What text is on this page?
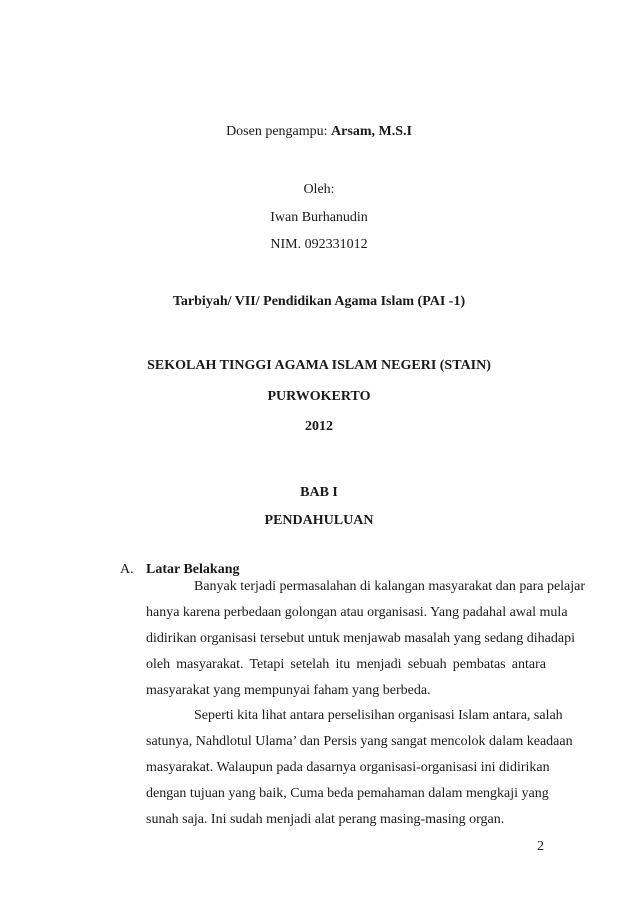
Dosen pengampu: Arsam, M.S.I
Oleh:
Iwan Burhanudin
NIM. 092331012
Tarbiyah/ VII/ Pendidikan Agama Islam (PAI -1)
SEKOLAH TINGGI AGAMA ISLAM NEGERI (STAIN)
PURWOKERTO
2012
BAB I
PENDAHULUAN
A. Latar Belakang
Banyak terjadi permasalahan di kalangan masyarakat dan para pelajar
hanya karena perbedaan golongan atau organisasi. Yang padahal awal mula
didirikan organisasi tersebut untuk menjawab masalah yang sedang dihadapi
oleh masyarakat. Tetapi setelah itu menjadi sebuah pembatas antara
masyarakat yang mempunyai faham yang berbeda.
Seperti kita lihat antara perselisihan organisasi Islam antara, salah
satunya, Nahdlotul Ulama’ dan Persis yang sangat mencolok dalam keadaan
masyarakat. Walaupun pada dasarnya organisasi-organisasi ini didirikan
dengan tujuan yang baik, Cuma beda pemahaman dalam mengkaji yang
sunah saja. Ini sudah menjadi alat perang masing-masing organ.
2
